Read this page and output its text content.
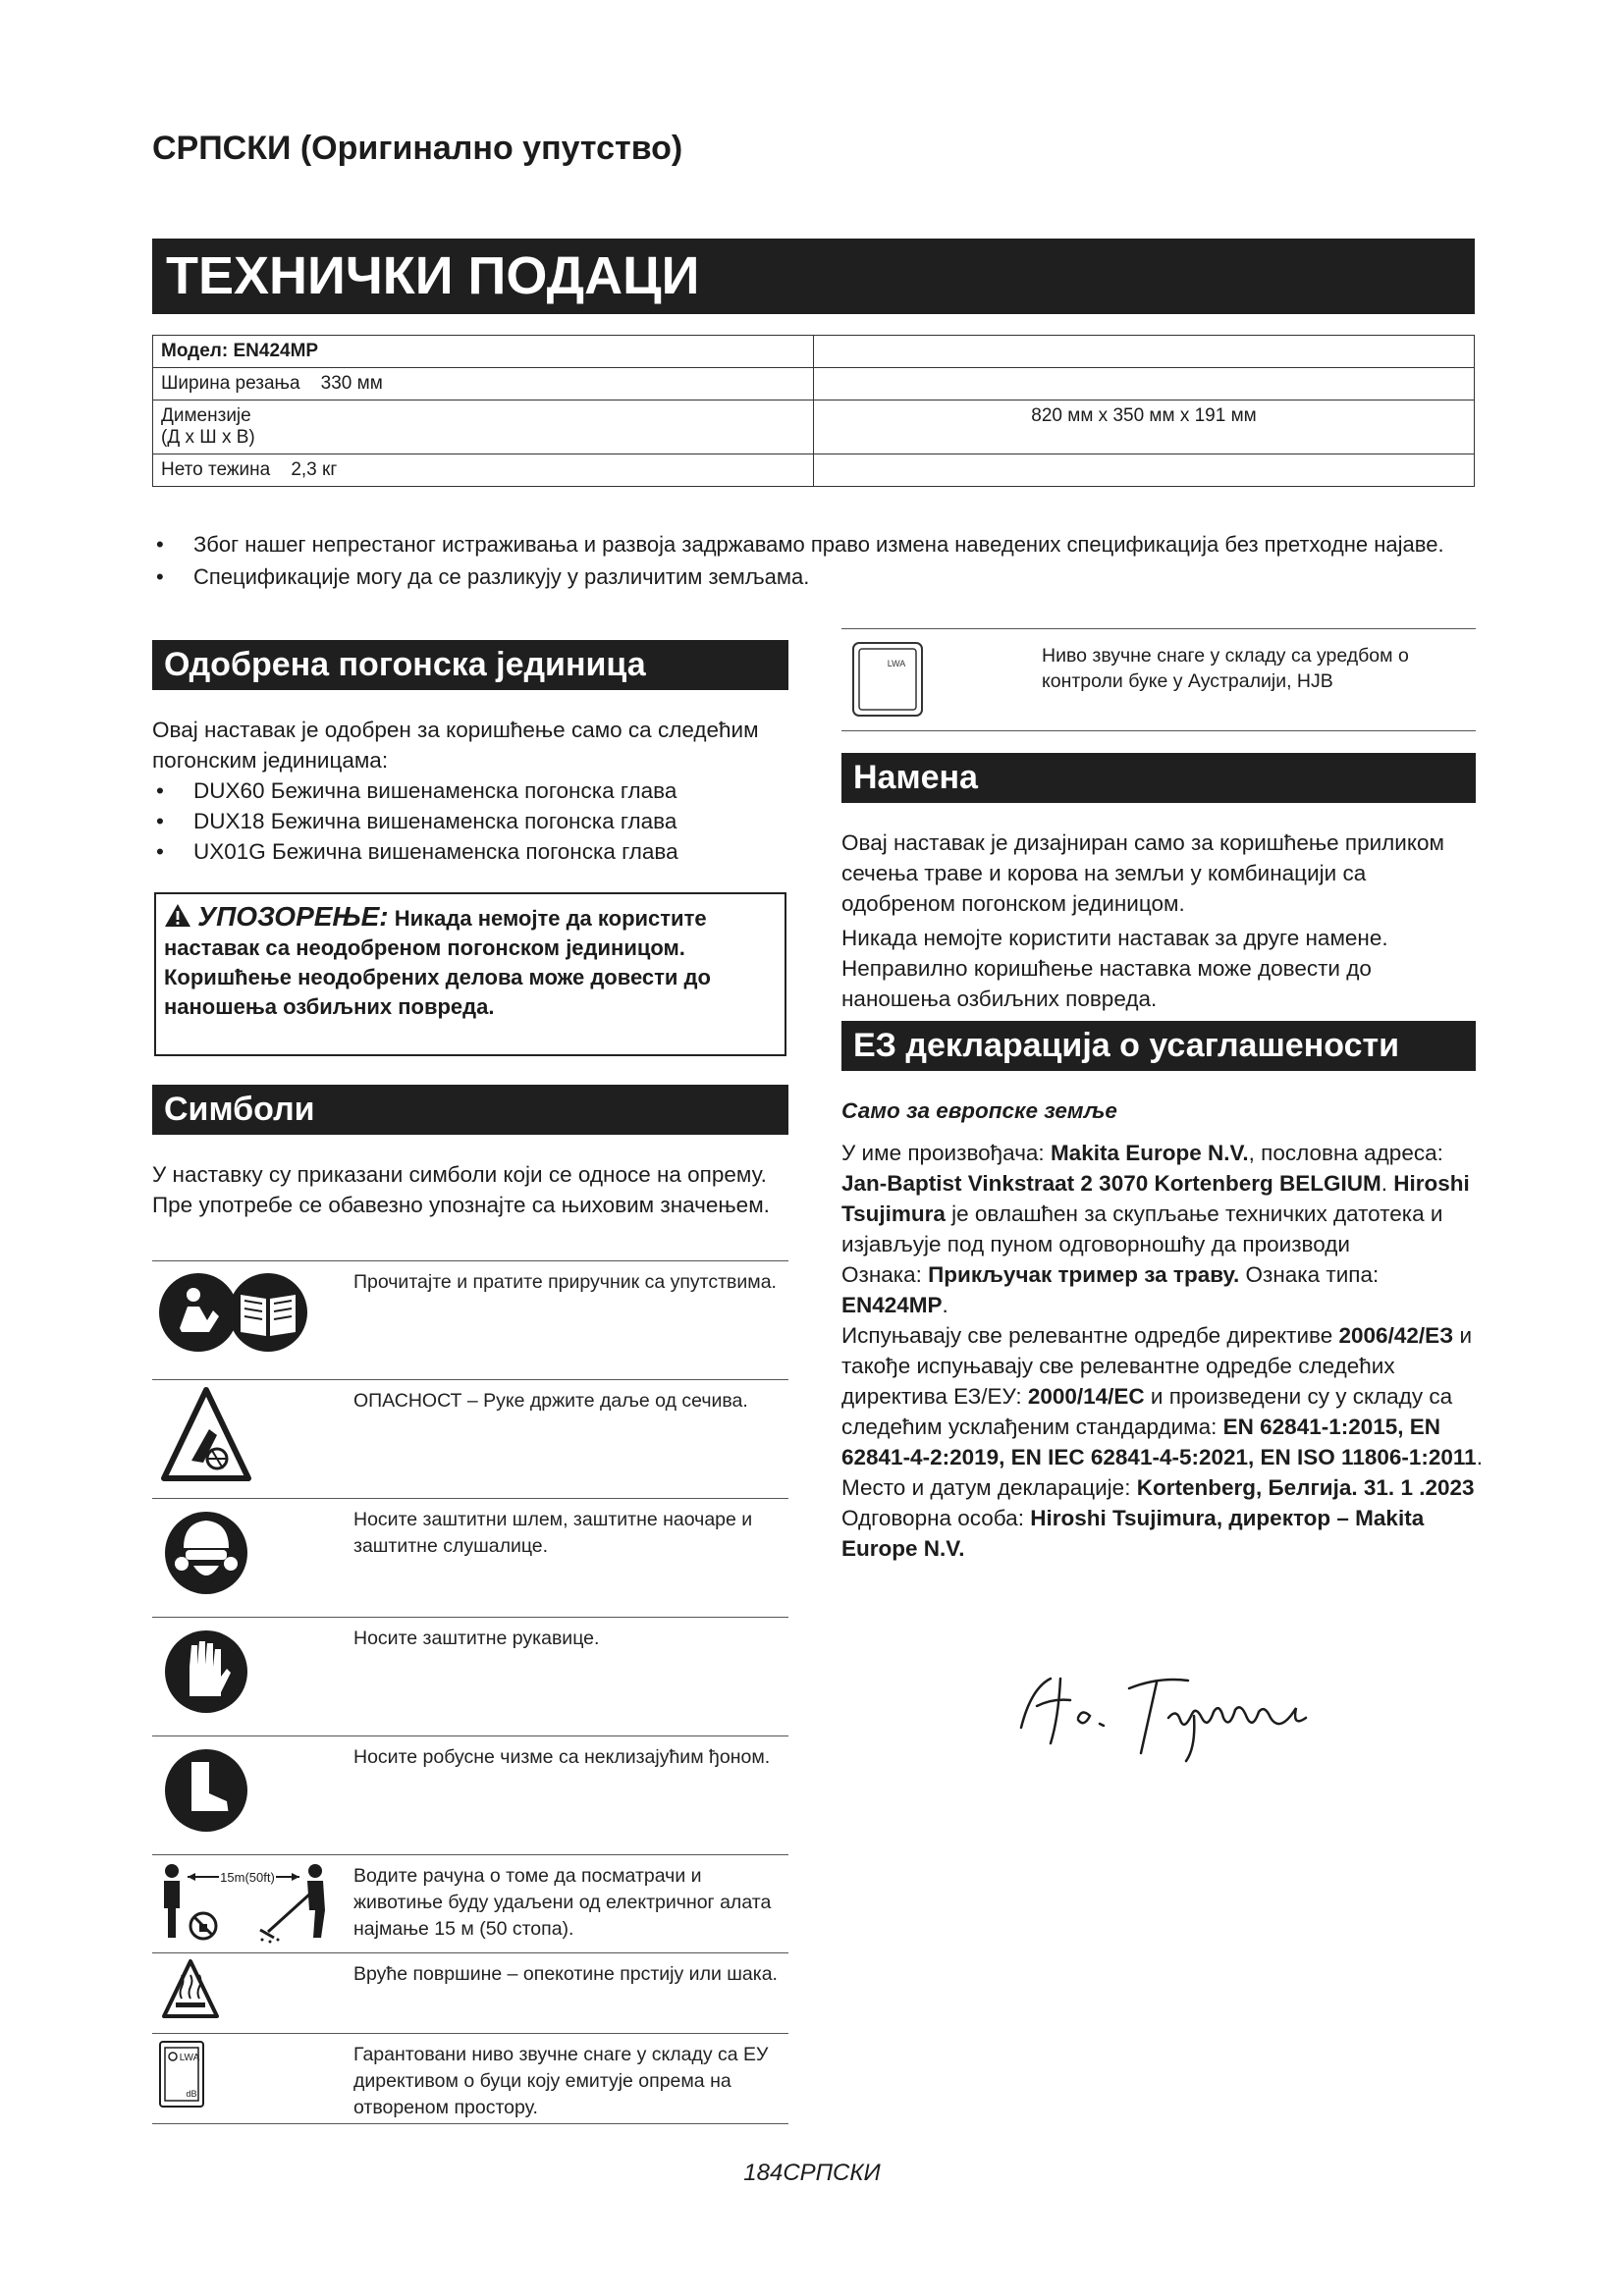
СРПСКИ (Оригинално упутство)
ТЕХНИЧКИ ПОДАЦИ
Модел: EN424MP	
Ширина резања    330 мм	
Димензије
(Д x Ш x В)	820 мм x 350 мм x 191 мм
Нето тежина    2,3 кг	
• Због нашег непрестаног истраживања и развоја задржавамо право измена наведених спецификација без претходне најаве.
• Спецификације могу да се разликују у различитим земљама.
Одобрена погонска јединица

Овај наставак је одобрен за коришћење само са следећим погонским јединицама:

• DUX60 Бежична вишенаменска погонска глава
• DUX18 Бежична вишенаменска погонска глава
• UX01G Бежична вишенаменска погонска глава
УПОЗОРЕЊЕ: Никада немојте да користите наставак са неодобреном погонском јединицом. Коришћење неодобрених делова може довести до наношења озбиљних повреда.
Симболи

У наставку су приказани симболи који се односе на опрему. Пре употребе се обавезно упознајте са њиховим значењем.

	Прочитајте и пратите приручник са упутствима.
	ОПАСНОСТ – Руке држите даље од сечива.
	Носите заштитни шлем, заштитне наочаре и заштитне слушалице.
	Носите заштитне рукавице.
	Носите робусне чизме са неклизајућим ђоном.

15m(50ft)	Водите рачуна о томе да посматрачи и животиње буду удаљени од електричног алата најмање 15 м (50 стопа).
	Вруће површине – опекотине прстију или шака.

LWA
dB	Гарантовани ниво звучне снаге у складу са ЕУ директивом о буци коју емитује опрема на отвореном простору.
LWA	Ниво звучне снаге у складу са уредбом о контроли буке у Аустралији, HJB
Намена

Овај наставак је дизајниран само за коришћење приликом сечења траве и корова на земљи у комбинацији са одобреном погонском јединицом.

Никада немојте користити наставак за друге намене. Неправилно коришћење наставка може довести до наношења озбиљних повреда.

ЕЗ декларација о усаглашености
Само за европске земље
У име произвођача: Makita Europe N.V., пословна адреса: Jan-Baptist Vinkstraat 2 3070 Kortenberg BELGIUM. Hiroshi Tsujimura је овлашћен за скупљање техничких датотека и изјављује под пуном одговорношћу да производи
Ознака: Прикључак тример за траву. Ознака типа: EN424MP.
Испуњавају све релевантне одредбе директиве 2006/42/ЕЗ и такође испуњавају све релевантне одредбе следећих директива ЕЗ/ЕУ: 2000/14/EC и произведени су у складу са следећим усклађеним стандардима: EN 62841-1:2015, EN 62841-4-2:2019, EN IEC 62841-4-5:2021, EN ISO 11806-1:2011.
Место и датум декларације: Kortenberg, Белгија. 31. 1 .2023
Одговорна особа: Hiroshi Tsujimura, директор – Makita Europe N.V.
184СРПСКИ
